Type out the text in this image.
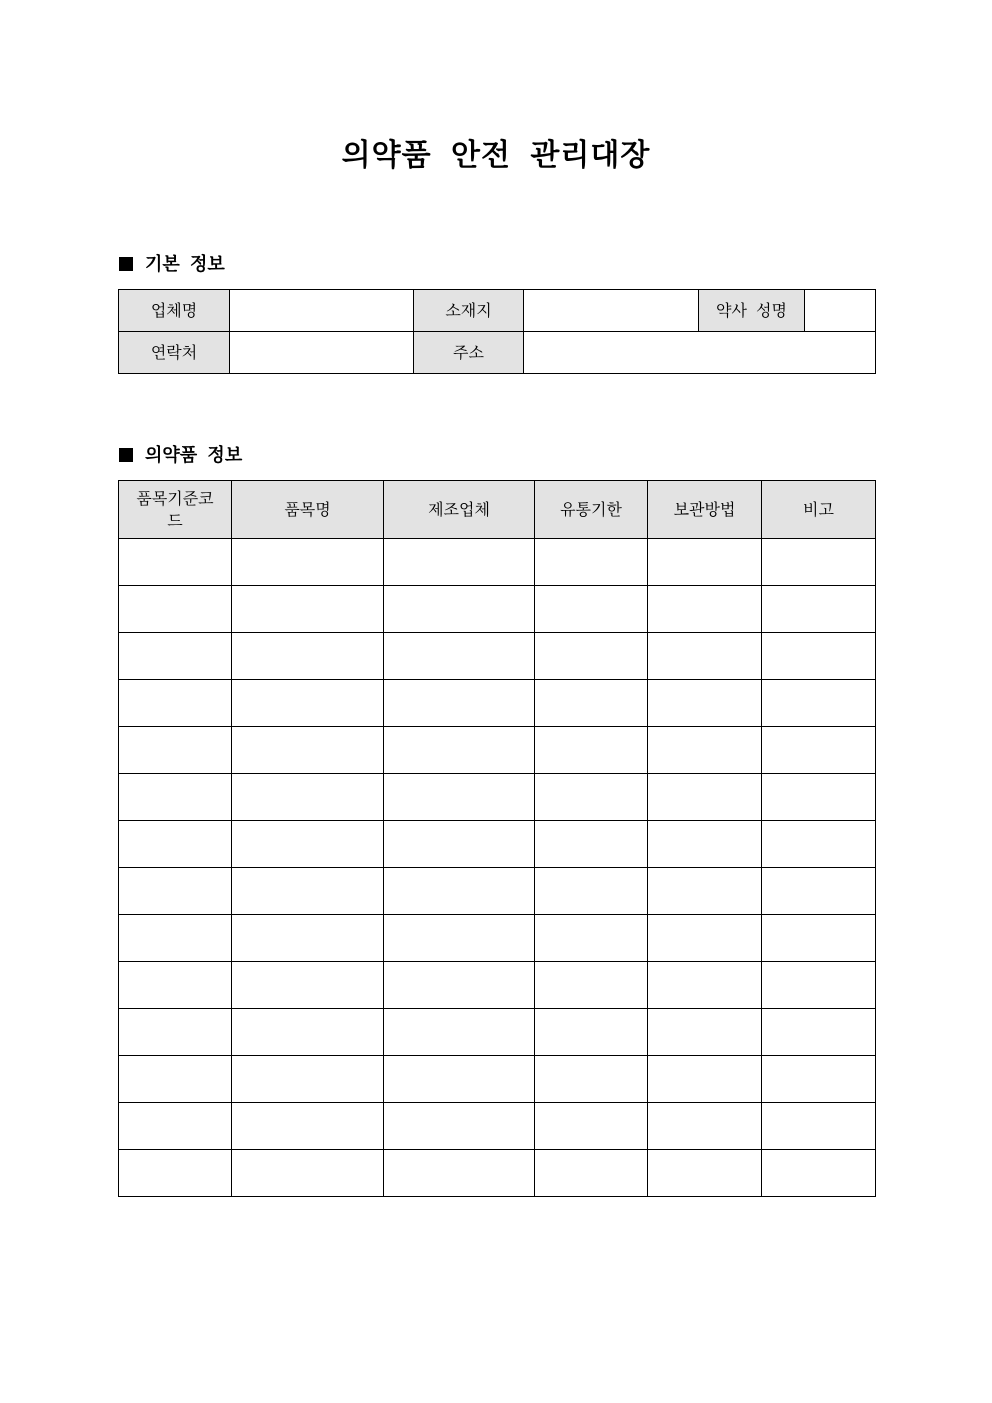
의약품 안전 관리대장
기본 정보
업체명		소재지		약사 성명	
연락처		주소			
의약품 정보
품목기준코드	품목명	제조업체	유통기한	보관방법	비고
